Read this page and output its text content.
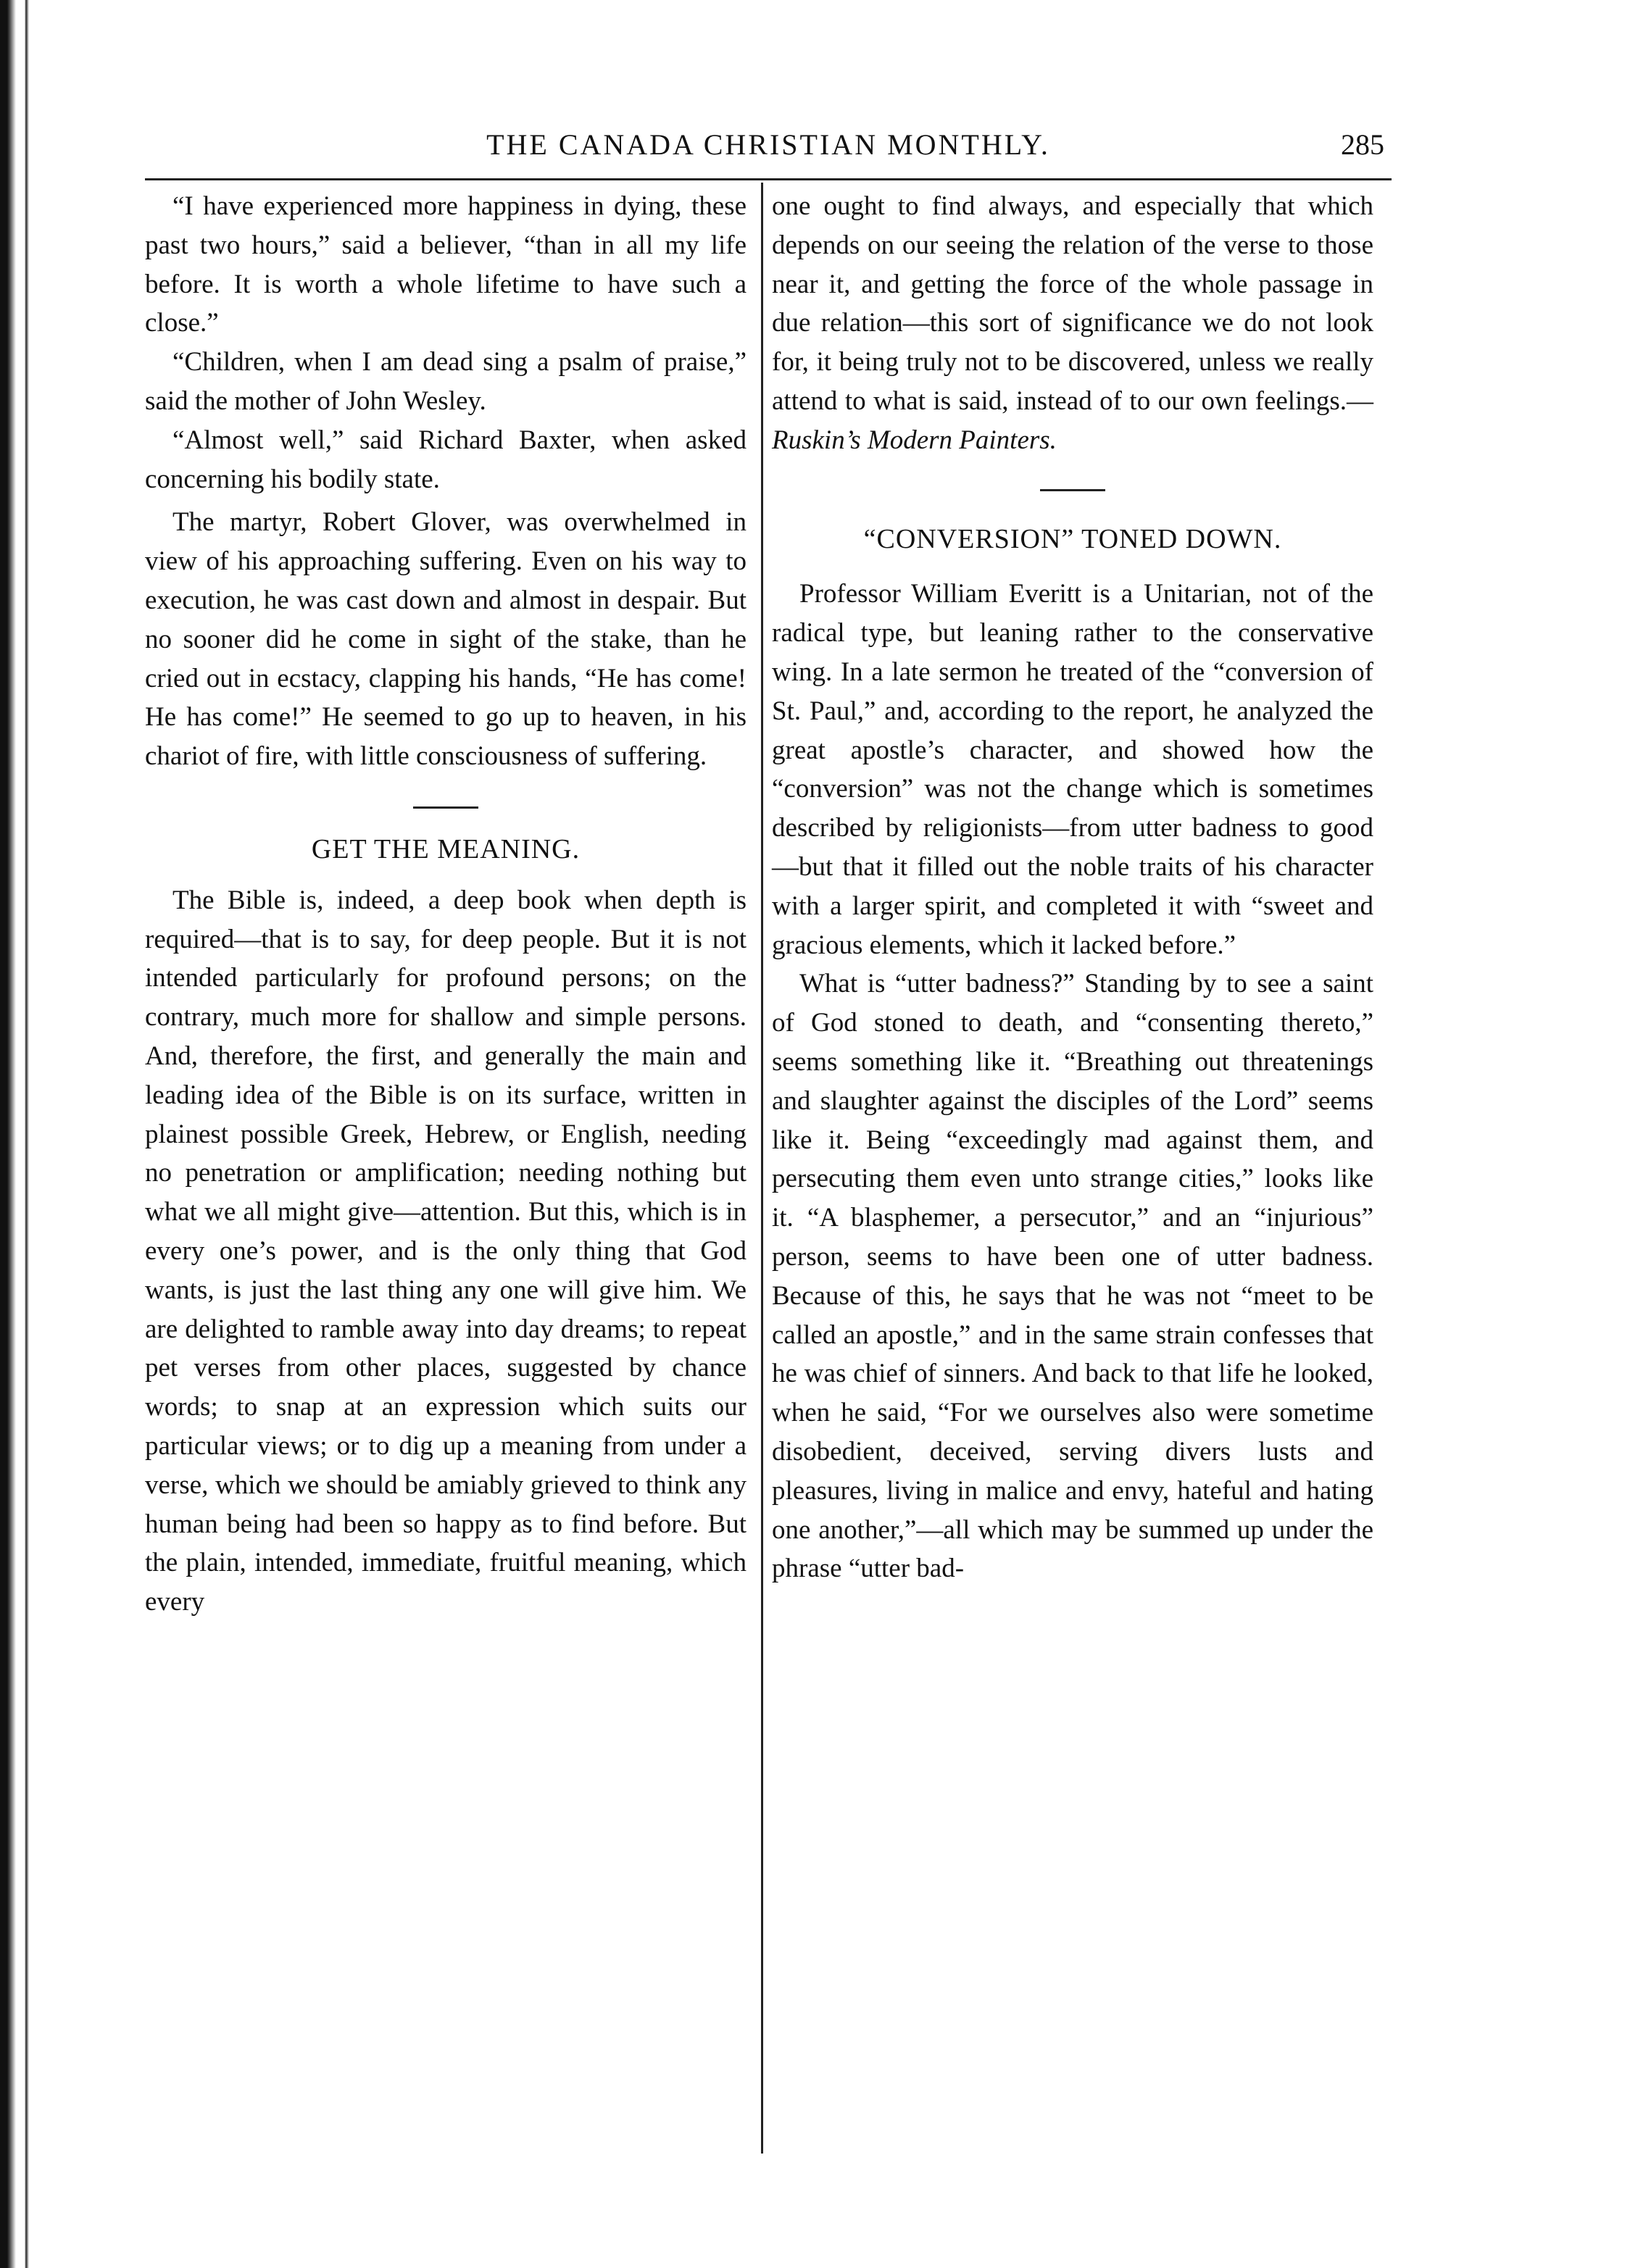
THE CANADA CHRISTIAN MONTHLY.	285

“I have experienced more happiness in dying, these past two hours,” said a believer, “than in all my life before. It is worth a whole lifetime to have such a close.”

“Children, when I am dead sing a psalm of praise,” said the mother of John Wesley.

“Almost well,” said Richard Baxter, when asked concerning his bodily state.

The martyr, Robert Glover, was overwhelmed in view of his approaching suffering. Even on his way to execution, he was cast down and almost in despair. But no sooner did he come in sight of the stake, than he cried out in ecstacy, clapping his hands, “He has come! He has come!” He seemed to go up to heaven, in his chariot of fire, with little consciousness of suffering.

GET THE MEANING.

The Bible is, indeed, a deep book when depth is required—that is to say, for deep people. But it is not intended particularly for profound persons; on the contrary, much more for shallow and simple persons. And, therefore, the first, and generally the main and leading idea of the Bible is on its surface, written in plainest possible Greek, Hebrew, or English, needing no penetration or amplification; needing nothing but what we all might give—attention. But this, which is in every one’s power, and is the only thing that God wants, is just the last thing any one will give him. We are delighted to ramble away into day dreams; to repeat pet verses from other places, suggested by chance words; to snap at an expression which suits our particular views; or to dig up a meaning from under a verse, which we should be amiably grieved to think any human being had been so happy as to find before. But the plain, intended, immediate, fruitful meaning, which every

one ought to find always, and especially that which depends on our seeing the relation of the verse to those near it, and getting the force of the whole passage in due relation—this sort of significance we do not look for, it being truly not to be discovered, unless we really attend to what is said, instead of to our own feelings.—Ruskin’s Modern Painters.

“CONVERSION” TONED DOWN.

Professor William Everitt is a Unitarian, not of the radical type, but leaning rather to the conservative wing. In a late sermon he treated of the “conversion of St. Paul,” and, according to the report, he analyzed the great apostle’s character, and showed how the “conversion” was not the change which is sometimes described by religionists—from utter badness to good—but that it filled out the noble traits of his character with a larger spirit, and completed it with “sweet and gracious elements, which it lacked before.”

What is “utter badness?” Standing by to see a saint of God stoned to death, and “consenting thereto,” seems something like it. “Breathing out threatenings and slaughter against the disciples of the Lord” seems like it. Being “exceedingly mad against them, and persecuting them even unto strange cities,” looks like it. “A blasphemer, a persecutor,” and an “injurious” person, seems to have been one of utter badness. Because of this, he says that he was not “meet to be called an apostle,” and in the same strain confesses that he was chief of sinners. And back to that life he looked, when he said, “For we ourselves also were sometime disobedient, deceived, serving divers lusts and pleasures, living in malice and envy, hateful and hating one another,”—all which may be summed up under the phrase “utter bad-
